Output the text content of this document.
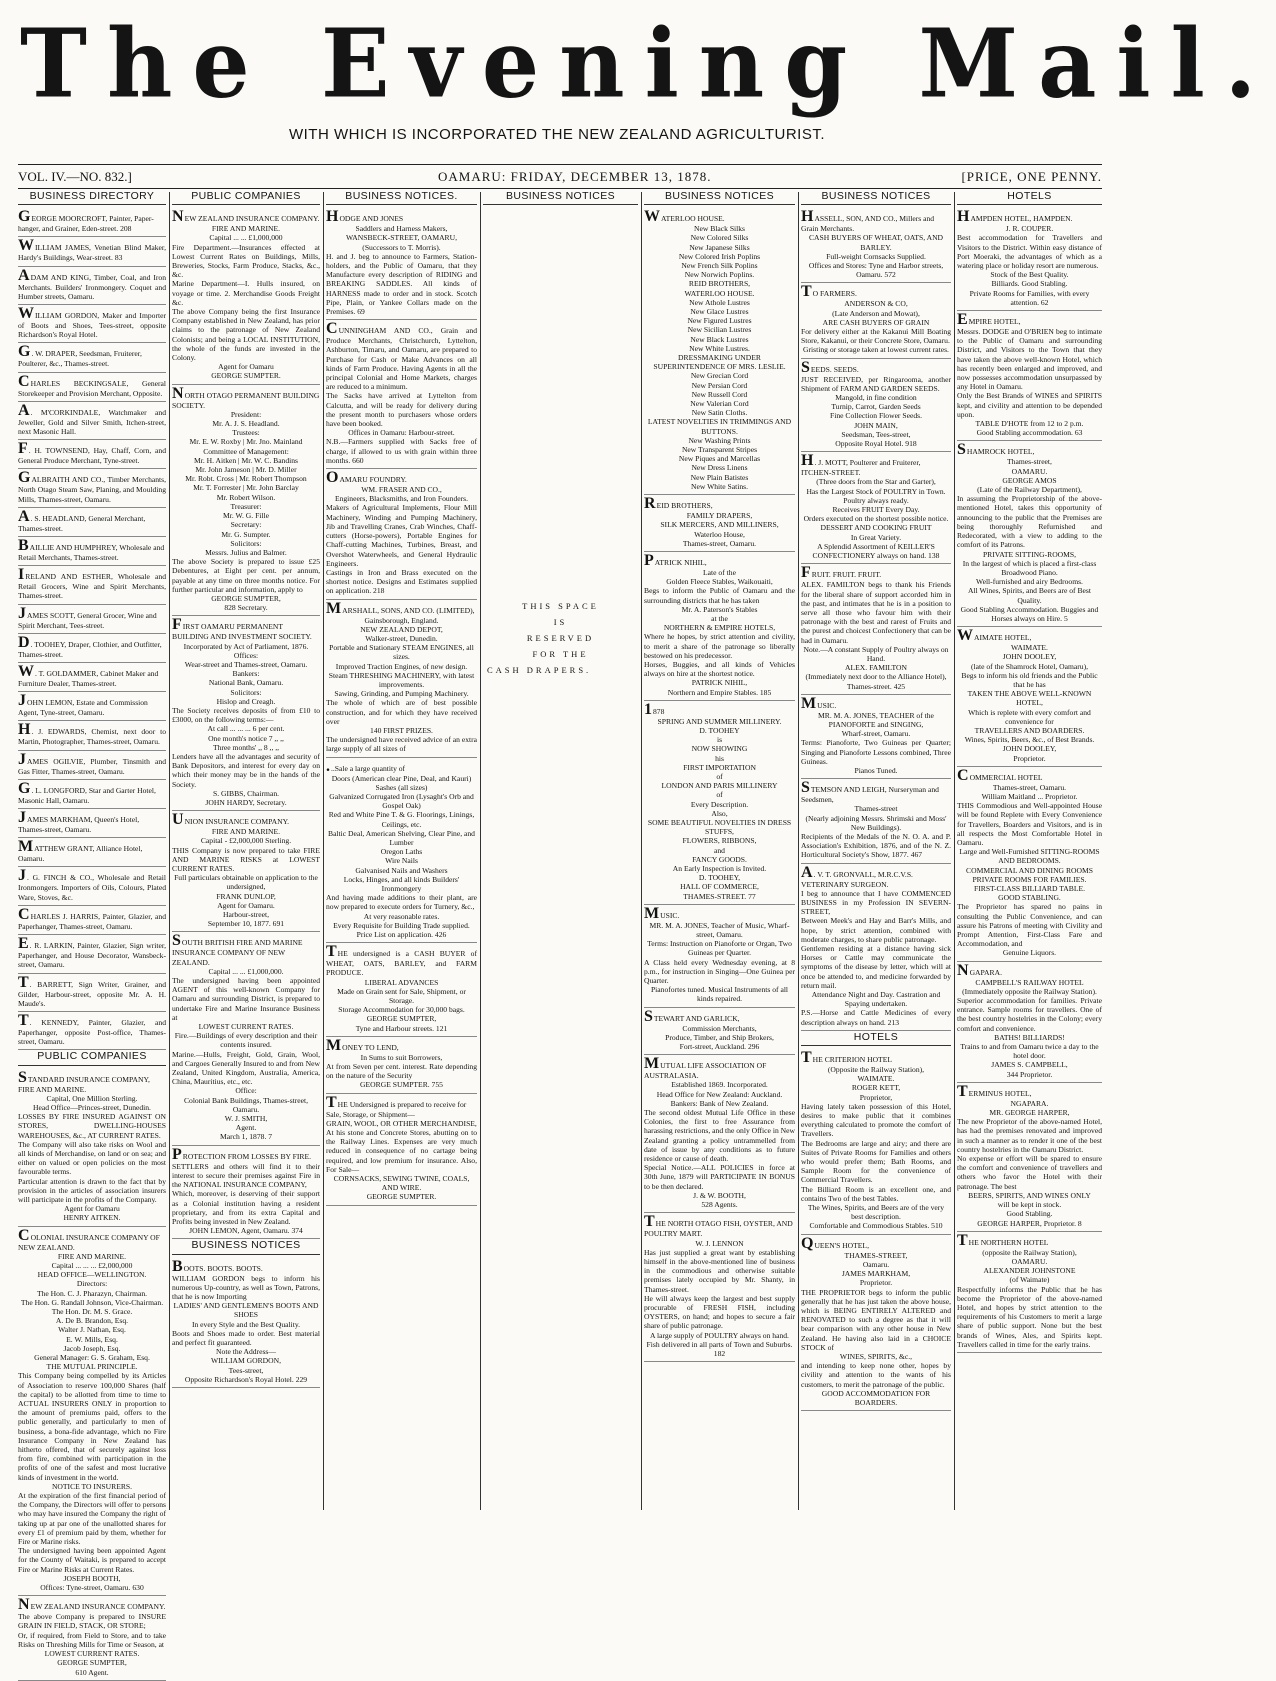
The Evening Mail.
WITH WHICH IS INCORPORATED THE NEW ZEALAND AGRICULTURIST.
VOL. IV.—NO. 832.]	OAMARU: FRIDAY, DECEMBER 13, 1878.	[PRICE, ONE PENNY.
BUSINESS DIRECTORY

GEORGE MOORCROFT, Painter, Paper-hanger, and Grainer, Eden-street. 208

WILLIAM JAMES, Venetian Blind Maker, Hardy's Buildings, Wear-street. 83

ADAM AND KING, Timber, Coal, and Iron Merchants. Builders' Ironmongery. Coquet and Humber streets, Oamaru.

WILLIAM GORDON, Maker and Importer of Boots and Shoes, Tees-street, opposite Richardson's Royal Hotel.

G. W. DRAPER, Seedsman, Fruiterer, Poulterer, &c., Thames-street.

CHARLES BECKINGSALE, General Storekeeper and Provision Merchant, Opposite.

A. M'CORKINDALE, Watchmaker and Jeweller, Gold and Silver Smith, Itchen-street, next Masonic Hall.

F. H. TOWNSEND, Hay, Chaff, Corn, and General Produce Merchant, Tyne-street.

GALBRAITH AND CO., Timber Merchants, North Otago Steam Saw, Planing, and Moulding Mills, Thames-street, Oamaru.

A. S. HEADLAND, General Merchant, Thames-street.

BAILLIE AND HUMPHREY, Wholesale and Retail Merchants, Thames-street.

IRELAND AND ESTHER, Wholesale and Retail Grocers, Wine and Spirit Merchants, Thames-street.

JAMES SCOTT, General Grocer, Wine and Spirit Merchant, Tees-street.

D. TOOHEY, Draper, Clothier, and Outfitter, Thames-street.

W. T. GOLDAMMER, Cabinet Maker and Furniture Dealer, Thames-street.

JOHN LEMON, Estate and Commission Agent, Tyne-street, Oamaru.

H. J. EDWARDS, Chemist, next door to Martin, Photographer, Thames-street, Oamaru.

JAMES OGILVIE, Plumber, Tinsmith and Gas Fitter, Thames-street, Oamaru.

G. L. LONGFORD, Star and Garter Hotel, Masonic Hall, Oamaru.

JAMES MARKHAM, Queen's Hotel, Thames-street, Oamaru.

MATTHEW GRANT, Alliance Hotel, Oamaru.

J. G. FINCH & CO., Wholesale and Retail Ironmongers. Importers of Oils, Colours, Plated Ware, Stoves, &c.

CHARLES J. HARRIS, Painter, Glazier, and Paperhanger, Thames-street, Oamaru.

E. R. LARKIN, Painter, Glazier, Sign writer, Paperhanger, and House Decorator, Wansbeck-street, Oamaru.

T. BARRETT, Sign Writer, Grainer, and Gilder, Harbour-street, opposite Mr. A. H. Maude's.

T. KENNEDY, Painter, Glazier, and Paperhanger, opposite Post-office, Thames-street, Oamaru.

PUBLIC COMPANIES

STANDARD INSURANCE COMPANY, FIRE AND MARINE.

Capital, One Million Sterling.

Head Office—Princes-street, Dunedin.

LOSSES BY FIRE INSURED AGAINST ON STORES, DWELLING-HOUSES WAREHOUSES, &c., AT CURRENT RATES.

The Company will also take risks on Wool and all kinds of Merchandise, on land or on sea; and either on valued or open policies on the most favourable terms.

Particular attention is drawn to the fact that by provision in the articles of association insurers will participate in the profits of the Company.

Agent for Oamaru

HENRY AITKEN.

COLONIAL INSURANCE COMPANY OF NEW ZEALAND.

FIRE AND MARINE.

Capital ... ... ... £2,000,000

HEAD OFFICE—WELLINGTON.

Directors:

The Hon. C. J. Pharazyn, Chairman.

The Hon. G. Randall Johnson, Vice-Chairman.

The Hon. Dr. M. S. Grace.

A. De B. Brandon, Esq.

Walter J. Nathan, Esq.

E. W. Mills, Esq.

Jacob Joseph, Esq.

General Manager: G. S. Graham, Esq.

THE MUTUAL PRINCIPLE.

This Company being compelled by its Articles of Association to reserve 100,000 Shares (half the capital) to be allotted from time to time to ACTUAL INSURERS ONLY in proportion to the amount of premiums paid, offers to the public generally, and particularly to men of business, a bona-fide advantage, which no Fire Insurance Company in New Zealand has hitherto offered, that of securely against loss from fire, combined with participation in the profits of one of the safest and most lucrative kinds of investment in the world.

NOTICE TO INSURERS.

At the expiration of the first financial period of the Company, the Directors will offer to persons who may have insured the Company the right of taking up at par one of the unallotted shares for every £1 of premium paid by them, whether for Fire or Marine risks.

The undersigned having been appointed Agent for the County of Waitaki, is prepared to accept Fire or Marine Risks at Current Rates.

JOSEPH BOOTH,

Offices: Tyne-street, Oamaru. 630

NEW ZEALAND INSURANCE COMPANY.

The above Company is prepared to INSURE GRAIN IN FIELD, STACK, OR STORE;

Or, if required, from Field to Store, and to take Risks on Threshing Mills for Time or Season, at

LOWEST CURRENT RATES.

GEORGE SUMPTER,

610 Agent.

PUBLIC COMPANIES

NEW ZEALAND INSURANCE COMPANY.

FIRE AND MARINE.

Capital ... ... £1,000,000

Fire Department.—Insurances effected at Lowest Current Rates on Buildings, Mills, Breweries, Stocks, Farm Produce, Stacks, &c., &c.

Marine Department—I. Hulls insured, on voyage or time. 2. Merchandise Goods Freight &c.

The above Company being the first Insurance Company established in New Zealand, has prior claims to the patronage of New Zealand Colonists; and being a LOCAL INSTITUTION, the whole of the funds are invested in the Colony.

Agent for Oamaru

GEORGE SUMPTER.

NORTH OTAGO PERMANENT BUILDING SOCIETY.

President:

Mr. A. J. S. Headland.

Trustees:

Mr. E. W. Roxby | Mr. Jno. Mainland

Committee of Management:

Mr. H. Aitken | Mr. W. C. Bandins

Mr. John Jameson | Mr. D. Miller

Mr. Robt. Cross | Mr. Robert Thompson

Mr. T. Forrester | Mr. John Barclay

Mr. Robert Wilson.

Treasurer:

Mr. W. G. Fille

Secretary:

Mr. G. Sumpter.

Solicitors:

Messrs. Julius and Balmer.

The above Society is prepared to issue £25 Debentures, at Eight per cent. per annum, payable at any time on three months notice. For further particular and information, apply to

GEORGE SUMPTER,

828 Secretary.

FIRST OAMARU PERMANENT BUILDING AND INVESTMENT SOCIETY.

Incorporated by Act of Parliament, 1876.

Offices:

Wear-street and Thames-street, Oamaru.

Bankers:

National Bank, Oamaru.

Solicitors:

Hislop and Creagh.

The Society receives deposits of from £10 to £3000, on the following terms:—

At call ... ... ... 6 per cent.

One month's notice 7 ,, ,,

Three months' ,, 8 ,, ,,

Lenders have all the advantages and security of Bank Depositors, and interest for every day on which their money may be in the hands of the Society.

S. GIBBS, Chairman.

JOHN HARDY, Secretary.

UNION INSURANCE COMPANY.

FIRE AND MARINE.

Capital - £2,000,000 Sterling.

THIS Company is now prepared to take FIRE AND MARINE RISKS at LOWEST CURRENT RATES.

Full particulars obtainable on application to the undersigned,

FRANK DUNLOP,

Agent for Oamaru.

Harbour-street,

September 10, 1877. 691

SOUTH BRITISH FIRE AND MARINE INSURANCE COMPANY OF NEW ZEALAND.

Capital ... ... £1,000,000.

The undersigned having been appointed AGENT of this well-known Company for Oamaru and surrounding District, is prepared to undertake Fire and Marine Insurance Business at

LOWEST CURRENT RATES.

Fire.—Buildings of every description and their contents insured.

Marine.—Hulls, Freight, Gold, Grain, Wool, and Cargoes Generally Insured to and from New Zealand, United Kingdom, Australia, America, China, Mauritius, etc., etc.

Office:

Colonial Bank Buildings, Thames-street, Oamaru.

W. J. SMITH,

Agent.

March 1, 1878. 7

PROTECTION FROM LOSSES BY FIRE.

SETTLERS and others will find it to their interest to secure their premises against Fire in the NATIONAL INSURANCE COMPANY,

Which, moreover, is deserving of their support as a Colonial institution having a resident proprietary, and from its extra Capital and Profits being invested in New Zealand.

JOHN LEMON, Agent, Oamaru. 374

BUSINESS NOTICES

BOOTS. BOOTS. BOOTS.

WILLIAM GORDON begs to inform his numerous Up-country, as well as Town, Patrons, that he is now Importing

LADIES' AND GENTLEMEN'S BOOTS AND SHOES

In every Style and the Best Quality.

Boots and Shoes made to order. Best material and perfect fit guaranteed.

Note the Address—

WILLIAM GORDON,

Tees-street,

Opposite Richardson's Royal Hotel. 229

BUSINESS NOTICES.

HODGE AND JONES

Saddlers and Harness Makers,

WANSBECK-STREET, OAMARU,

(Successors to T. Morris).

H. and J. beg to announce to Farmers, Station-holders, and the Public of Oamaru, that they Manufacture every description of RIDING and BREAKING SADDLES. All kinds of HARNESS made to order and in stock. Scotch Pipe, Plain, or Yankee Collars made on the Premises. 69

CUNNINGHAM AND CO., Grain and Produce Merchants, Christchurch, Lyttelton, Ashburton, Timaru, and Oamaru, are prepared to Purchase for Cash or Make Advances on all kinds of Farm Produce. Having Agents in all the principal Colonial and Home Markets, charges are reduced to a minimum.

The Sacks have arrived at Lyttelton from Calcutta, and will be ready for delivery during the present month to purchasers whose orders have been booked.

Offices in Oamaru: Harbour-street.

N.B.—Farmers supplied with Sacks free of charge, if allowed to us with grain within three months. 660

OAMARU FOUNDRY.

WM. FRASER AND CO.,

Engineers, Blacksmiths, and Iron Founders.

Makers of Agricultural Implements, Flour Mill Machinery, Winding and Pumping Machinery, Jib and Travelling Cranes, Crab Winches, Chaff-cutters (Horse-powers), Portable Engines for Chaff-cutting Machines, Turbines, Breast, and Overshot Waterwheels, and General Hydraulic Engineers.

Castings in Iron and Brass executed on the shortest notice. Designs and Estimates supplied on application. 218

MARSHALL, SONS, AND CO. (LIMITED),

Gainsborough, England.

NEW ZEALAND DEPOT,

Walker-street, Dunedin.

Portable and Stationary STEAM ENGINES, all sizes.

Improved Traction Engines, of new design.

Steam THRESHING MACHINERY, with latest improvements.

Sawing, Grinding, and Pumping Machinery.

The whole of which are of best possible construction, and for which they have received over

140 FIRST PRIZES.

The undersigned have received advice of an extra large supply of all sizes of

...Sale a large quantity of

Doors (American clear Pine, Deal, and Kauri)

Sashes (all sizes)

Galvanized Corrugated Iron (Lysaght's Orb and Gospel Oak)

Red and White Pine T. & G. Floorings, Linings, Ceilings, etc.

Baltic Deal, American Shelving, Clear Pine, and Lumber

Oregon Laths

Wire Nails

Galvanised Nails and Washers

Locks, Hinges, and all kinds Builders' Ironmongery

And having made additions to their plant, are now prepared to execute orders for Turnery, &c.,

At very reasonable rates.

Every Requisite for Building Trade supplied.

Price List on application. 426

THE undersigned is a CASH BUYER of WHEAT, OATS, BARLEY, and FARM PRODUCE.

LIBERAL ADVANCES

Made on Grain sent for Sale, Shipment, or Storage.

Storage Accommodation for 30,000 bags.

GEORGE SUMPTER,

Tyne and Harbour streets. 121

MONEY TO LEND,

In Sums to suit Borrowers,

At from Seven per cent. interest. Rate depending on the nature of the Security

GEORGE SUMPTER. 755

THE Undersigned is prepared to receive for Sale, Storage, or Shipment—

GRAIN, WOOL, OR OTHER MERCHANDISE,

At his stone and Concrete Stores, abutting on to the Railway Lines. Expenses are very much reduced in consequence of no cartage being required, and low premium for insurance. Also, For Sale—

CORNSACKS, SEWING TWINE, COALS, AND WIRE.

GEORGE SUMPTER.

BUSINESS NOTICES
THIS SPACE
IS
RESERVED
FOR THE
CASH DRAPERS.
BUSINESS NOTICES

WATERLOO HOUSE.

New Black Silks

New Colored Silks

New Japanese Silks

New Colored Irish Poplins

New French Silk Poplins

New Norwich Poplins.

REID BROTHERS,

WATERLOO HOUSE.

New Athole Lustres

New Glace Lustres

New Figured Lustres

New Sicilian Lustres

New Black Lustres

New White Lustres.

DRESSMAKING UNDER SUPERINTENDENCE OF MRS. LESLIE.

New Grecian Cord

New Persian Cord

New Russell Cord

New Valerian Cord

New Satin Cloths.

LATEST NOVELTIES IN TRIMMINGS AND BUTTONS.

New Washing Prints

New Transparent Stripes

New Piques and Marcellas

New Dress Linens

New Plain Batistes

New White Satins.

REID BROTHERS,

FAMILY DRAPERS,

SILK MERCERS, AND MILLINERS,

Waterloo House,

Thames-street, Oamaru.

PATRICK NIHIL,

Late of the

Golden Fleece Stables, Waikouaiti,

Begs to inform the Public of Oamaru and the surrounding districts that he has taken

Mr. A. Paterson's Stables

at the

NORTHERN & EMPIRE HOTELS,

Where he hopes, by strict attention and civility, to merit a share of the patronage so liberally bestowed on his predecessor.

Horses, Buggies, and all kinds of Vehicles always on hire at the shortest notice.

PATRICK NIHIL,

Northern and Empire Stables. 185

1878

SPRING AND SUMMER MILLINERY.

D. TOOHEY

is

NOW SHOWING

his

FIRST IMPORTATION

of

LONDON AND PARIS MILLINERY

of

Every Description.

Also,

SOME BEAUTIFUL NOVELTIES IN DRESS STUFFS,

FLOWERS, RIBBONS,

and

FANCY GOODS.

An Early Inspection is Invited.

D. TOOHEY,

HALL OF COMMERCE,

THAMES-STREET. 77

MUSIC.

MR. M. A. JONES, Teacher of Music, Wharf-street, Oamaru.

Terms: Instruction on Pianoforte or Organ, Two Guineas per Quarter.

A Class held every Wednesday evening, at 8 p.m., for instruction in Singing—One Guinea per Quarter.

Pianofortes tuned. Musical Instruments of all kinds repaired.

STEWART AND GARLICK,

Commission Merchants,

Produce, Timber, and Ship Brokers,

Fort-street, Auckland. 296

MUTUAL LIFE ASSOCIATION OF AUSTRALASIA.

Established 1869. Incorporated.

Head Office for New Zealand: Auckland.

Bankers: Bank of New Zealand.

The second oldest Mutual Life Office in these Colonies, the first to free Assurance from harassing restrictions, and the only Office in New Zealand granting a policy untrammelled from date of issue by any conditions as to future residence or cause of death.

Special Notice.—ALL POLICIES in force at 30th June, 1879 will PARTICIPATE IN BONUS to be then declared.

J. & W. BOOTH,

528 Agents.

THE NORTH OTAGO FISH, OYSTER, AND POULTRY MART.

W. J. LENNON

Has just supplied a great want by establishing himself in the above-mentioned line of business in the commodious and otherwise suitable premises lately occupied by Mr. Shanty, in Thames-street.

He will always keep the largest and best supply procurable of FRESH FISH, including OYSTERS, on hand; and hopes to secure a fair share of public patronage.

A large supply of POULTRY always on hand.

Fish delivered in all parts of Town and Suburbs. 182

BUSINESS NOTICES

HASSELL, SON, AND CO., Millers and Grain Merchants.

CASH BUYERS OF WHEAT, OATS, AND BARLEY.

Full-weight Cornsacks Supplied.

Offices and Stores: Tyne and Harbor streets, Oamaru. 572

TO FARMERS.

ANDERSON & CO,

(Late Anderson and Mowat),

ARE CASH BUYERS OF GRAIN

For delivery either at the Kakanui Mill Boating Store, Kakanui, or their Concrete Store, Oamaru.

Gristing or storage taken at lowest current rates.

SEEDS. SEEDS.

JUST RECEIVED, per Ringarooma, another Shipment of FARM AND GARDEN SEEDS.

Mangold, in fine condition

Turnip, Carrot, Garden Seeds

Fine Collection Flower Seeds.

JOHN MAIN,

Seedsman, Tees-street,

Opposite Royal Hotel. 918

H. J. MOTT, Poulterer and Fruiterer, ITCHEN-STREET.

(Three doors from the Star and Garter),

Has the Largest Stock of POULTRY in Town. Poultry always ready.

Receives FRUIT Every Day.

Orders executed on the shortest possible notice.

DESSERT AND COOKING FRUIT

In Great Variety.

A Splendid Assortment of KEILLER'S CONFECTIONERY always on hand. 138

FRUIT. FRUIT. FRUIT.

ALEX. FAMILTON begs to thank his Friends for the liberal share of support accorded him in the past, and intimates that he is in a position to serve all those who favour him with their patronage with the best and rarest of Fruits and the purest and choicest Confectionery that can be had in Oamaru.

Note.—A constant Supply of Poultry always on Hand.

ALEX. FAMILTON

(Immediately next door to the Alliance Hotel),

Thames-street. 425

MUSIC.

MR. M. A. JONES, TEACHER of the PIANOFORTE and SINGING,

Wharf-street, Oamaru.

Terms: Pianoforte, Two Guineas per Quarter; Singing and Pianoforte Lessons combined, Three Guineas.

Pianos Tuned.

STEMSON AND LEIGH, Nurseryman and Seedsmen,

Thames-street

(Nearly adjoining Messrs. Shrimski and Moss' New Buildings).

Recipients of the Medals of the N. O. A. and P. Association's Exhibition, 1876, and of the N. Z. Horticultural Society's Show, 1877. 467

A. V. T. GRONVALL, M.R.C.V.S. VETERINARY SURGEON.

I beg to announce that I have COMMENCED BUSINESS in my Profession IN SEVERN-STREET,

Between Meek's and Hay and Barr's Mills, and hope, by strict attention, combined with moderate charges, to share public patronage.

Gentlemen residing at a distance having sick Horses or Cattle may communicate the symptoms of the disease by letter, which will at once be attended to, and medicine forwarded by return mail.

Attendance Night and Day. Castration and Spaying undertaken.

P.S.—Horse and Cattle Medicines of every description always on hand. 213

HOTELS

THE CRITERION HOTEL

(Opposite the Railway Station),

WAIMATE.

ROGER KETT,

Proprietor,

Having lately taken possession of this Hotel, desires to make public that it combines everything calculated to promote the comfort of Travellers.

The Bedrooms are large and airy; and there are Suites of Private Rooms for Families and others who would prefer them; Bath Rooms, and Sample Room for the convenience of Commercial Travellers.

The Billiard Room is an excellent one, and contains Two of the best Tables.

The Wines, Spirits, and Beers are of the very best description.

Comfortable and Commodious Stables. 510

QUEEN'S HOTEL,

THAMES-STREET,

Oamaru.

JAMES MARKHAM,

Proprietor.

THE PROPRIETOR begs to inform the public generally that he has just taken the above house, which is BEING ENTIRELY ALTERED and RENOVATED to such a degree as that it will bear comparison with any other house in New Zealand. He having also laid in a CHOICE STOCK of

WINES, SPIRITS, &c.,

and intending to keep none other, hopes by civility and attention to the wants of his customers, to merit the patronage of the public.

GOOD ACCOMMODATION FOR BOARDERS.

HOTELS

HAMPDEN HOTEL, HAMPDEN.

J. R. COUPER.

Best accommodation for Travellers and Visitors to the District. Within easy distance of Port Moeraki, the advantages of which as a watering place or holiday resort are numerous.

Stock of the Best Quality.

Billiards. Good Stabling.

Private Rooms for Families, with every attention. 62

EMPIRE HOTEL,

Messrs. DODGE and O'BRIEN beg to intimate to the Public of Oamaru and surrounding District, and Visitors to the Town that they have taken the above well-known Hotel, which has recently been enlarged and improved, and now possesses accommodation unsurpassed by any Hotel in Oamaru.

Only the Best Brands of WINES and SPIRITS kept, and civility and attention to be depended upon.

TABLE D'HOTE from 12 to 2 p.m.

Good Stabling accommodation. 63

SHAMROCK HOTEL,

Thames-street,

OAMARU.

GEORGE AMOS

(Late of the Railway Department),

In assuming the Proprietorship of the above-mentioned Hotel, takes this opportunity of announcing to the public that the Premises are being thoroughly Refurnished and Redecorated, with a view to adding to the comfort of its Patrons.

PRIVATE SITTING-ROOMS,

In the largest of which is placed a first-class Broadwood Piano.

Well-furnished and airy Bedrooms.

All Wines, Spirits, and Beers are of Best Quality.

Good Stabling Accommodation. Buggies and Horses always on Hire. 5

WAIMATE HOTEL,

WAIMATE.

JOHN DOOLEY,

(late of the Shamrock Hotel, Oamaru),

Begs to inform his old friends and the Public that he has

TAKEN THE ABOVE WELL-KNOWN HOTEL,

Which is replete with every comfort and convenience for

TRAVELLERS AND BOARDERS.

Wines, Spirits, Beers, &c., of Best Brands.

JOHN DOOLEY,

Proprietor.

COMMERCIAL HOTEL

Thames-street, Oamaru.

William Maitland ... Proprietor.

THIS Commodious and Well-appointed House will be found Replete with Every Convenience for Travellers, Boarders and Visitors, and is in all respects the Most Comfortable Hotel in Oamaru.

Large and Well-Furnished SITTING-ROOMS AND BEDROOMS.

COMMERCIAL AND DINING ROOMS

PRIVATE ROOMS FOR FAMILIES.

FIRST-CLASS BILLIARD TABLE.

GOOD STABLING.

The Proprietor has spared no pains in consulting the Public Convenience, and can assure his Patrons of meeting with Civility and Prompt Attention, First-Class Fare and Accommodation, and

Genuine Liquors.

NGAPARA.

CAMPBELL'S RAILWAY HOTEL (Immediately opposite the Railway Station).

Superior accommodation for families. Private entrance. Sample rooms for travellers. One of the best country hostelries in the Colony; every comfort and convenience.

BATHS! BILLIARDS!

Trains to and from Oamaru twice a day to the hotel door.

JAMES S. CAMPBELL,

344 Proprietor.

TERMINUS HOTEL,

NGAPARA.

MR. GEORGE HARPER,

The new Proprietor of the above-named Hotel, has had the premises renovated and improved in such a manner as to render it one of the best country hostelries in the Oamaru District.

No expense or effort will be spared to ensure the comfort and convenience of travellers and others who favor the Hotel with their patronage. The best

BEERS, SPIRITS, AND WINES ONLY

will be kept in stock.

Good Stabling.

GEORGE HARPER, Proprietor. 8

THE NORTHERN HOTEL

(opposite the Railway Station),

OAMARU.

ALEXANDER JOHNSTONE

(of Waimate)

Respectfully informs the Public that he has become the Proprietor of the above-named Hotel, and hopes by strict attention to the requirements of his Customers to merit a large share of public support. None but the best brands of Wines, Ales, and Spirits kept. Travellers called in time for the early trains.
